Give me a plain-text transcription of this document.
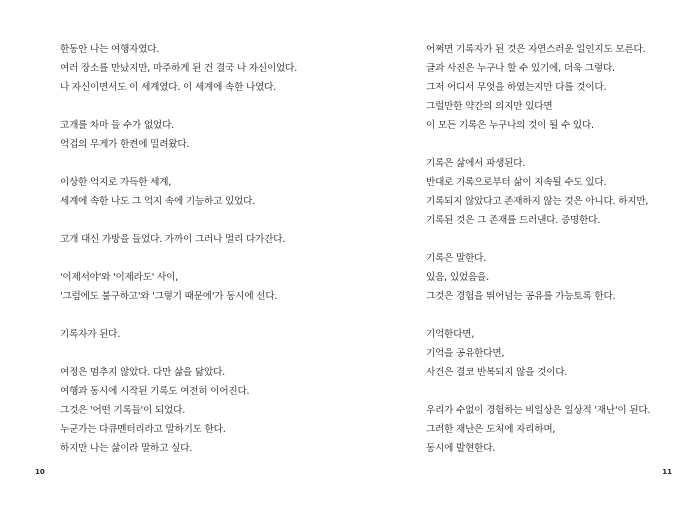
한동안 나는 여행자였다.
여러 장소를 만났지만, 마주하게 된 건 결국 나 자신이었다.
나 자신이면서도 이 세계였다. 이 세계에 속한 나였다.
고개를 차마 들 수가 없었다.
억겁의 무게가 한켠에 밀려왔다.
이상한 억지로 가득한 세계,
세계에 속한 나도 그 억지 속에 기능하고 있었다.
고개 대신 가방을 들었다. 가까이 그러나 멀리 다가간다.
'이제서야'와 '이제라도' 사이,
'그럼에도 불구하고'와 '그렇기 때문에'가 동시에 선다.
기록자가 된다.
여정은 멈추지 않았다. 다만 삶을 닮았다.
여행과 동시에 시작된 기록도 여전히 이어진다.
그것은 '어떤 기록들'이 되었다.
누군가는 다큐멘터리라고 말하기도 한다.
하지만 나는 삶이라 말하고 싶다.
10
어쩌면 기록자가 된 것은 자연스러운 일인지도 모른다.
글과 사진은 누구나 할 수 있기에, 더욱 그렇다.
그저 어디서 무엇을 하였는지만 다를 것이다.
그럴만한 약간의 의지만 있다면
이 모든 기록은 누구나의 것이 될 수 있다.
기록은 삶에서 파생된다.
반대로 기록으로부터 삶이 지속될 수도 있다.
기록되지 않았다고 존재하지 않는 것은 아니다. 하지만,
기록된 것은 그 존재를 드러낸다. 증명한다.
기록은 말한다.
있음, 있었음을.
그것은 경험을 뛰어넘는 공유를 가능토록 한다.
기억한다면,
기억을 공유한다면,
사건은 결코 반복되지 않을 것이다.
우리가 수없이 경험하는 비일상은 일상적 '재난'이 된다.
그러한 재난은 도처에 자리하며,
동시에 발현한다.
11
